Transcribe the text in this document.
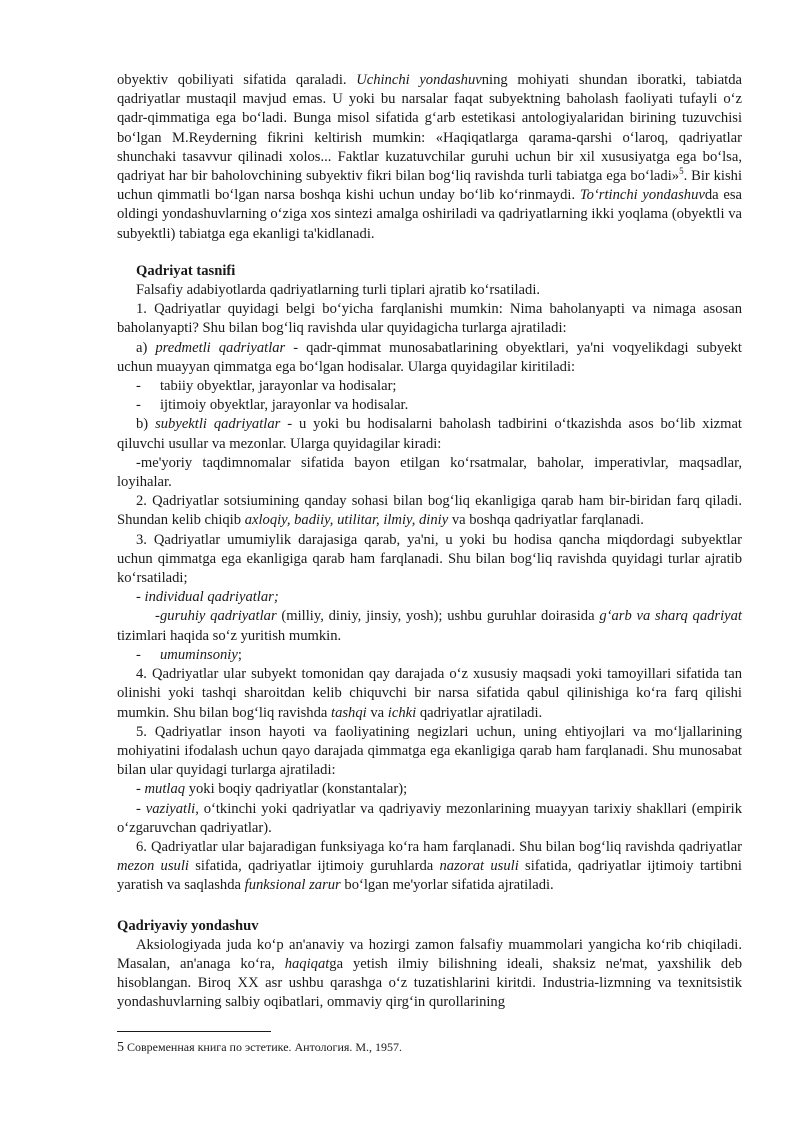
obyektiv qobiliyati sifatida qaraladi. Uchinchi yondashuvning mohiyati shundan iboratki, tabiatda qadriyatlar mustaqil mavjud emas. U yoki bu narsalar faqat subyektning baholash faoliyati tufayli o‘z qadr-qimmatiga ega bo‘ladi. Bunga misol sifatida g‘arb estetikasi antologiyalaridan birining tuzuvchisi bo‘lgan M.Reyderning fikrini keltirish mumkin: «Haqiqatlarga qarama-qarshi o‘laroq, qadriyatlar shunchaki tasavvur qilinadi xolos... Faktlar kuzatuvchilar guruhi uchun bir xil xususiyatga ega bo‘lsa, qadriyat har bir baholovchining subyektiv fikri bilan bog‘liq ravishda turli tabiatga ega bo‘ladi»$^5$. Bir kishi uchun qimmatli bo‘lgan narsa boshqa kishi uchun unday bo‘lib ko‘rinmaydi. To‘rtinchi yondashuvda esa oldingi yondashuvlarning o‘ziga xos sintezi amalga oshiriladi va qadriyatlarning ikki yoqlama (obyektli va subyektli) tabiatga ega ekanligi ta'kidlanadi.

Qadriyat tasnifi

Falsafiy adabiyotlarda qadriyatlarning turli tiplari ajratib ko‘rsatiladi.

1. Qadriyatlar quyidagi belgi bo‘yicha farqlanishi mumkin: Nima baholanyapti va nimaga asosan baholanyapti? Shu bilan bog‘liq ravishda ular quyidagicha turlarga ajratiladi:

a) predmetli qadriyatlar - qadr-qimmat munosabatlarining obyektlari, ya'ni voqyelikdagi subyekt uchun muayyan qimmatga ega bo‘lgan hodisalar. Ularga quyidagilar kiritiladi:

- tabiiy obyektlar, jarayonlar va hodisalar;

- ijtimoiy obyektlar, jarayonlar va hodisalar.

b) subyektli qadriyatlar - u yoki bu hodisalarni baholash tadbirini o‘tkazishda asos bo‘lib xizmat qiluvchi usullar va mezonlar. Ularga quyidagilar kiradi:

-me'yoriy taqdimnomalar sifatida bayon etilgan ko‘rsatmalar, baholar, imperativlar, maqsadlar, loyihalar.

2. Qadriyatlar sotsiumining qanday sohasi bilan bog‘liq ekanligiga qarab ham bir-biridan farq qiladi. Shundan kelib chiqib axloqiy, badiiy, utilitar, ilmiy, diniy va boshqa qadriyatlar farqlanadi.

3. Qadriyatlar umumiylik darajasiga qarab, ya'ni, u yoki bu hodisa qancha miqdordagi subyektlar uchun qimmatga ega ekanligiga qarab ham farqlanadi. Shu bilan bog‘liq ravishda quyidagi turlar ajratib ko‘rsatiladi;

- individual qadriyatlar;

-guruhiy qadriyatlar (milliy, diniy, jinsiy, yosh); ushbu guruhlar doirasida g‘arb va sharq qadriyat tizimlari haqida so‘z yuritish mumkin.

- umuminsoniy;

4. Qadriyatlar ular subyekt tomonidan qay darajada o‘z xususiy maqsadi yoki tamoyillari sifatida tan olinishi yoki tashqi sharoitdan kelib chiquvchi bir narsa sifatida qabul qilinishiga ko‘ra farq qilishi mumkin. Shu bilan bog‘liq ravishda tashqi va ichki qadriyatlar ajratiladi.

5. Qadriyatlar inson hayoti va faoliyatining negizlari uchun, uning ehtiyojlari va mo‘ljallarining mohiyatini ifodalash uchun qayo darajada qimmatga ega ekanligiga qarab ham farqlanadi. Shu munosabat bilan ular quyidagi turlarga ajratiladi:

- mutlaq yoki boqiy qadriyatlar (konstantalar);

- vaziyatli, o‘tkinchi yoki qadriyatlar va qadriyaviy mezonlarining muayyan tarixiy shakllari (empirik o‘zgaruvchan qadriyatlar).

6. Qadriyatlar ular bajaradigan funksiyaga ko‘ra ham farqlanadi. Shu bilan bog‘liq ravishda qadriyatlar mezon usuli sifatida, qadriyatlar ijtimoiy guruhlarda nazorat usuli sifatida, qadriyatlar ijtimoiy tartibni yaratish va saqlashda funksional zarur bo‘lgan me'yorlar sifatida ajratiladi.

Qadriyaviy yondashuv

Aksiologiyada juda ko‘p an'anaviy va hozirgi zamon falsafiy muammolari yangicha ko‘rib chiqiladi. Masalan, an'anaga ko‘ra, haqiqatga yetish ilmiy bilishning ideali, shaksiz ne'mat, yaxshilik deb hisoblangan. Biroq XX asr ushbu qarashga o‘z tuzatishlarini kiritdi. Industria-lizmning va texnitsistik yondashuvlarning salbiy oqibatlari, ommaviy qirg‘in qurollarining

5 Современная книга по эстетике. Антология. М., 1957.
